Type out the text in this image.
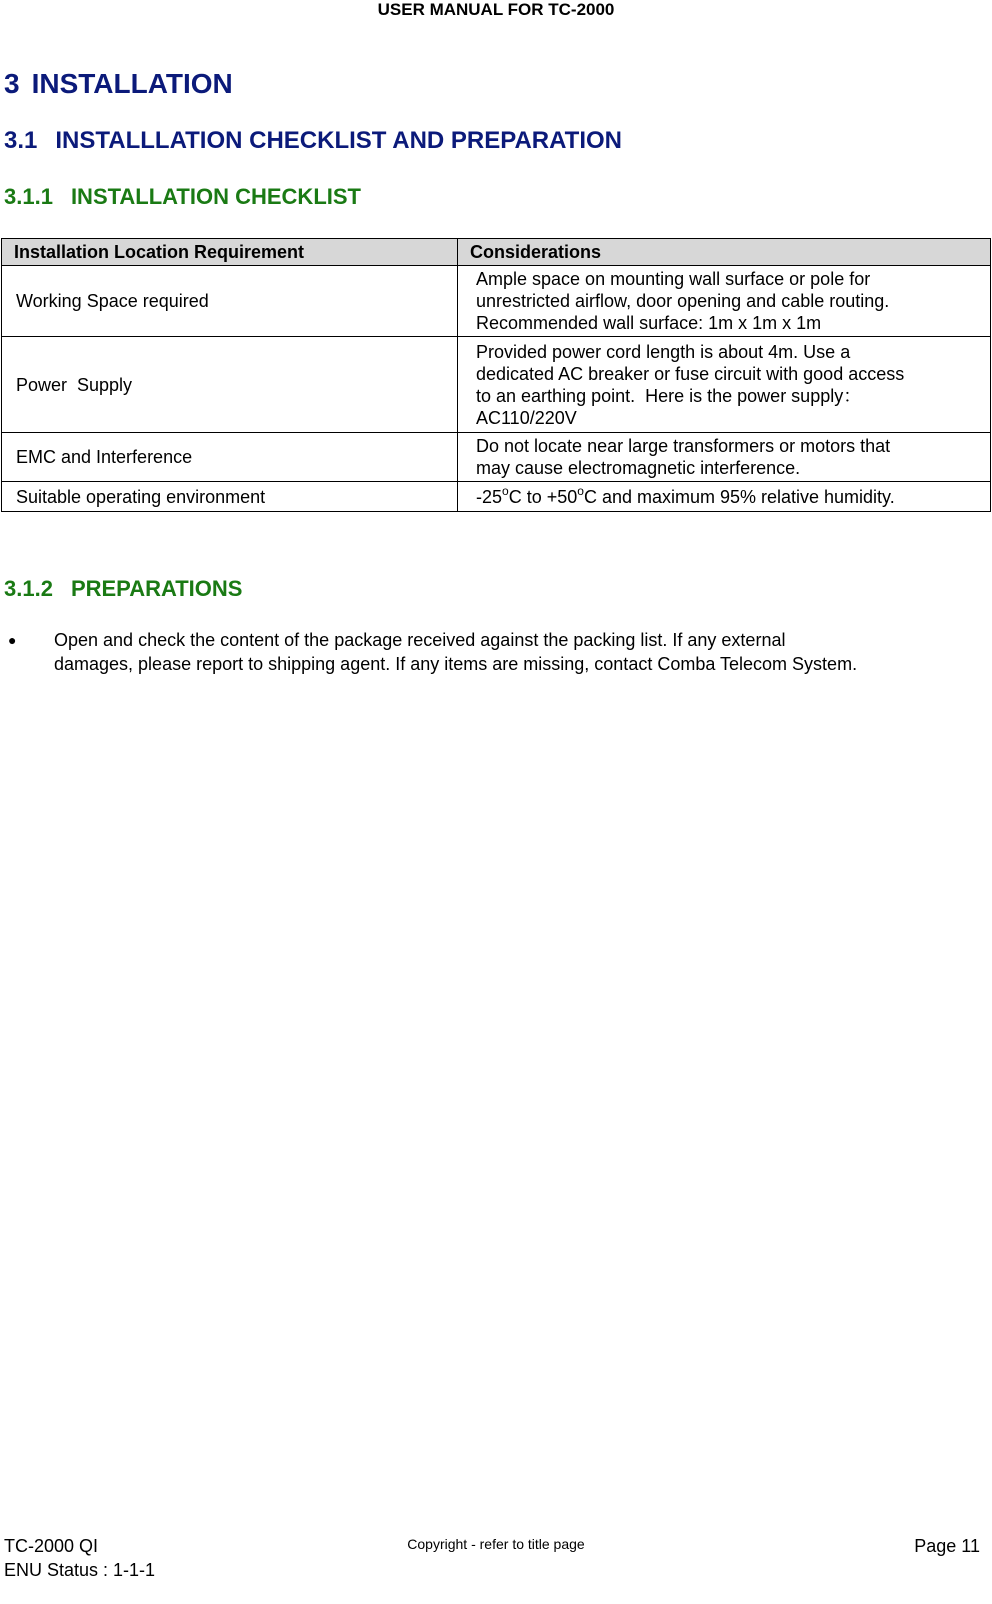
USER MANUAL FOR TC-2000
3 INSTALLATION
3.1 INSTALLLATION CHECKLIST AND PREPARATION
3.1.1 INSTALLATION CHECKLIST
Installation Location Requirement	Considerations
Working Space required	Ample space on mounting wall surface or pole for
unrestricted airflow, door opening and cable routing.
Recommended wall surface: 1m x 1m x 1m

Power  Supply	Provided power cord length is about 4m. Use a
dedicated AC breaker or fuse circuit with good access
to an earthing point.  Here is the power supply：
AC110/220V

EMC and Interference	Do not locate near large transformers or motors that
may cause electromagnetic interference.

Suitable operating environment	-25$^o$C to $+50^oC$ and maximum 95% relative humidity.
3.1.2 PREPARATIONS
●	Open and check the content of the package received against the packing list. If any external
damages, please report to shipping agent. If any items are missing, contact Comba Telecom System.
TC-2000 QI
ENU Status : 1-1-1
Copyright - refer to title page	Page 11
